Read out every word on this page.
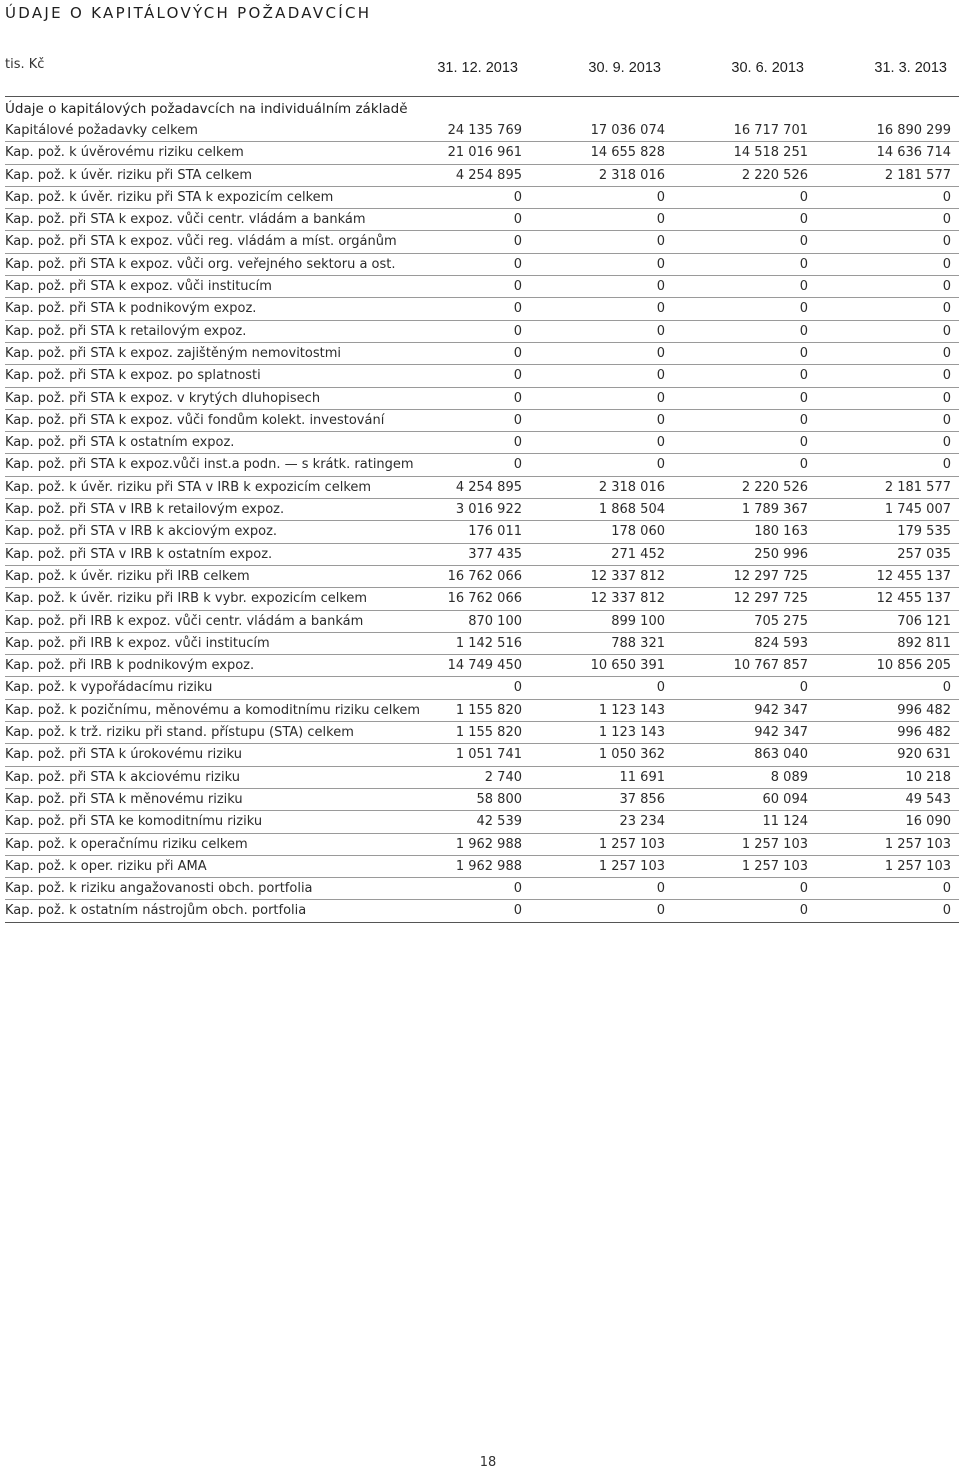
ÚDAJE O KAPITÁLOVÝCH POŽADAVCÍCH
tis. Kč	31. 12. 2013	30. 9. 2013	30. 6. 2013	31. 3. 2013
Údaje o kapitálových požadavcích na individuálním základě
Kapitálové požadavky celkem	24 135 769	17 036 074	16 717 701	16 890 299
Kap. pož. k úvěrovému riziku celkem	21 016 961	14 655 828	14 518 251	14 636 714
Kap. pož. k úvěr. riziku při STA celkem	4 254 895	2 318 016	2 220 526	2 181 577
Kap. pož. k úvěr. riziku při STA k expozicím celkem	0	0	0	0
Kap. pož. při STA k expoz. vůči centr. vládám a bankám	0	0	0	0
Kap. pož. při STA k expoz. vůči reg. vládám a míst. orgánům	0	0	0	0
Kap. pož. při STA k expoz. vůči org. veřejného sektoru a ost.	0	0	0	0
Kap. pož. při STA k expoz. vůči institucím	0	0	0	0
Kap. pož. při STA k podnikovým expoz.	0	0	0	0
Kap. pož. při STA k retailovým expoz.	0	0	0	0
Kap. pož. při STA k expoz. zajištěným nemovitostmi	0	0	0	0
Kap. pož. při STA k expoz. po splatnosti	0	0	0	0
Kap. pož. při STA k expoz. v krytých dluhopisech	0	0	0	0
Kap. pož. při STA k expoz. vůči fondům kolekt. investování	0	0	0	0
Kap. pož. při STA k ostatním expoz.	0	0	0	0
Kap. pož. při STA k expoz.vůči inst.a podn. — s krátk. ratingem	0	0	0	0
Kap. pož. k úvěr. riziku při STA v IRB k expozicím celkem	4 254 895	2 318 016	2 220 526	2 181 577
Kap. pož. při STA v IRB k retailovým expoz.	3 016 922	1 868 504	1 789 367	1 745 007
Kap. pož. při STA v IRB k akciovým expoz.	176 011	178 060	180 163	179 535
Kap. pož. při STA v IRB k ostatním expoz.	377 435	271 452	250 996	257 035
Kap. pož. k úvěr. riziku při IRB celkem	16 762 066	12 337 812	12 297 725	12 455 137
Kap. pož. k úvěr. riziku při IRB k vybr. expozicím celkem	16 762 066	12 337 812	12 297 725	12 455 137
Kap. pož. při IRB k expoz. vůči centr. vládám a bankám	870 100	899 100	705 275	706 121
Kap. pož. při IRB k expoz. vůči institucím	1 142 516	788 321	824 593	892 811
Kap. pož. při IRB k podnikovým expoz.	14 749 450	10 650 391	10 767 857	10 856 205
Kap. pož. k vypořádacímu riziku	0	0	0	0
Kap. pož. k pozičnímu, měnovému a komoditnímu riziku celkem	1 155 820	1 123 143	942 347	996 482
Kap. pož. k trž. riziku při stand. přístupu (STA) celkem	1 155 820	1 123 143	942 347	996 482
Kap. pož. při STA k úrokovému riziku	1 051 741	1 050 362	863 040	920 631
Kap. pož. při STA k akciovému riziku	2 740	11 691	8 089	10 218
Kap. pož. při STA k měnovému riziku	58 800	37 856	60 094	49 543
Kap. pož. při STA ke komoditnímu riziku	42 539	23 234	11 124	16 090
Kap. pož. k operačnímu riziku celkem	1 962 988	1 257 103	1 257 103	1 257 103
Kap. pož. k oper. riziku při AMA	1 962 988	1 257 103	1 257 103	1 257 103
Kap. pož. k riziku angažovanosti obch. portfolia	0	0	0	0
Kap. pož. k ostatním nástrojům obch. portfolia	0	0	0	0
18
